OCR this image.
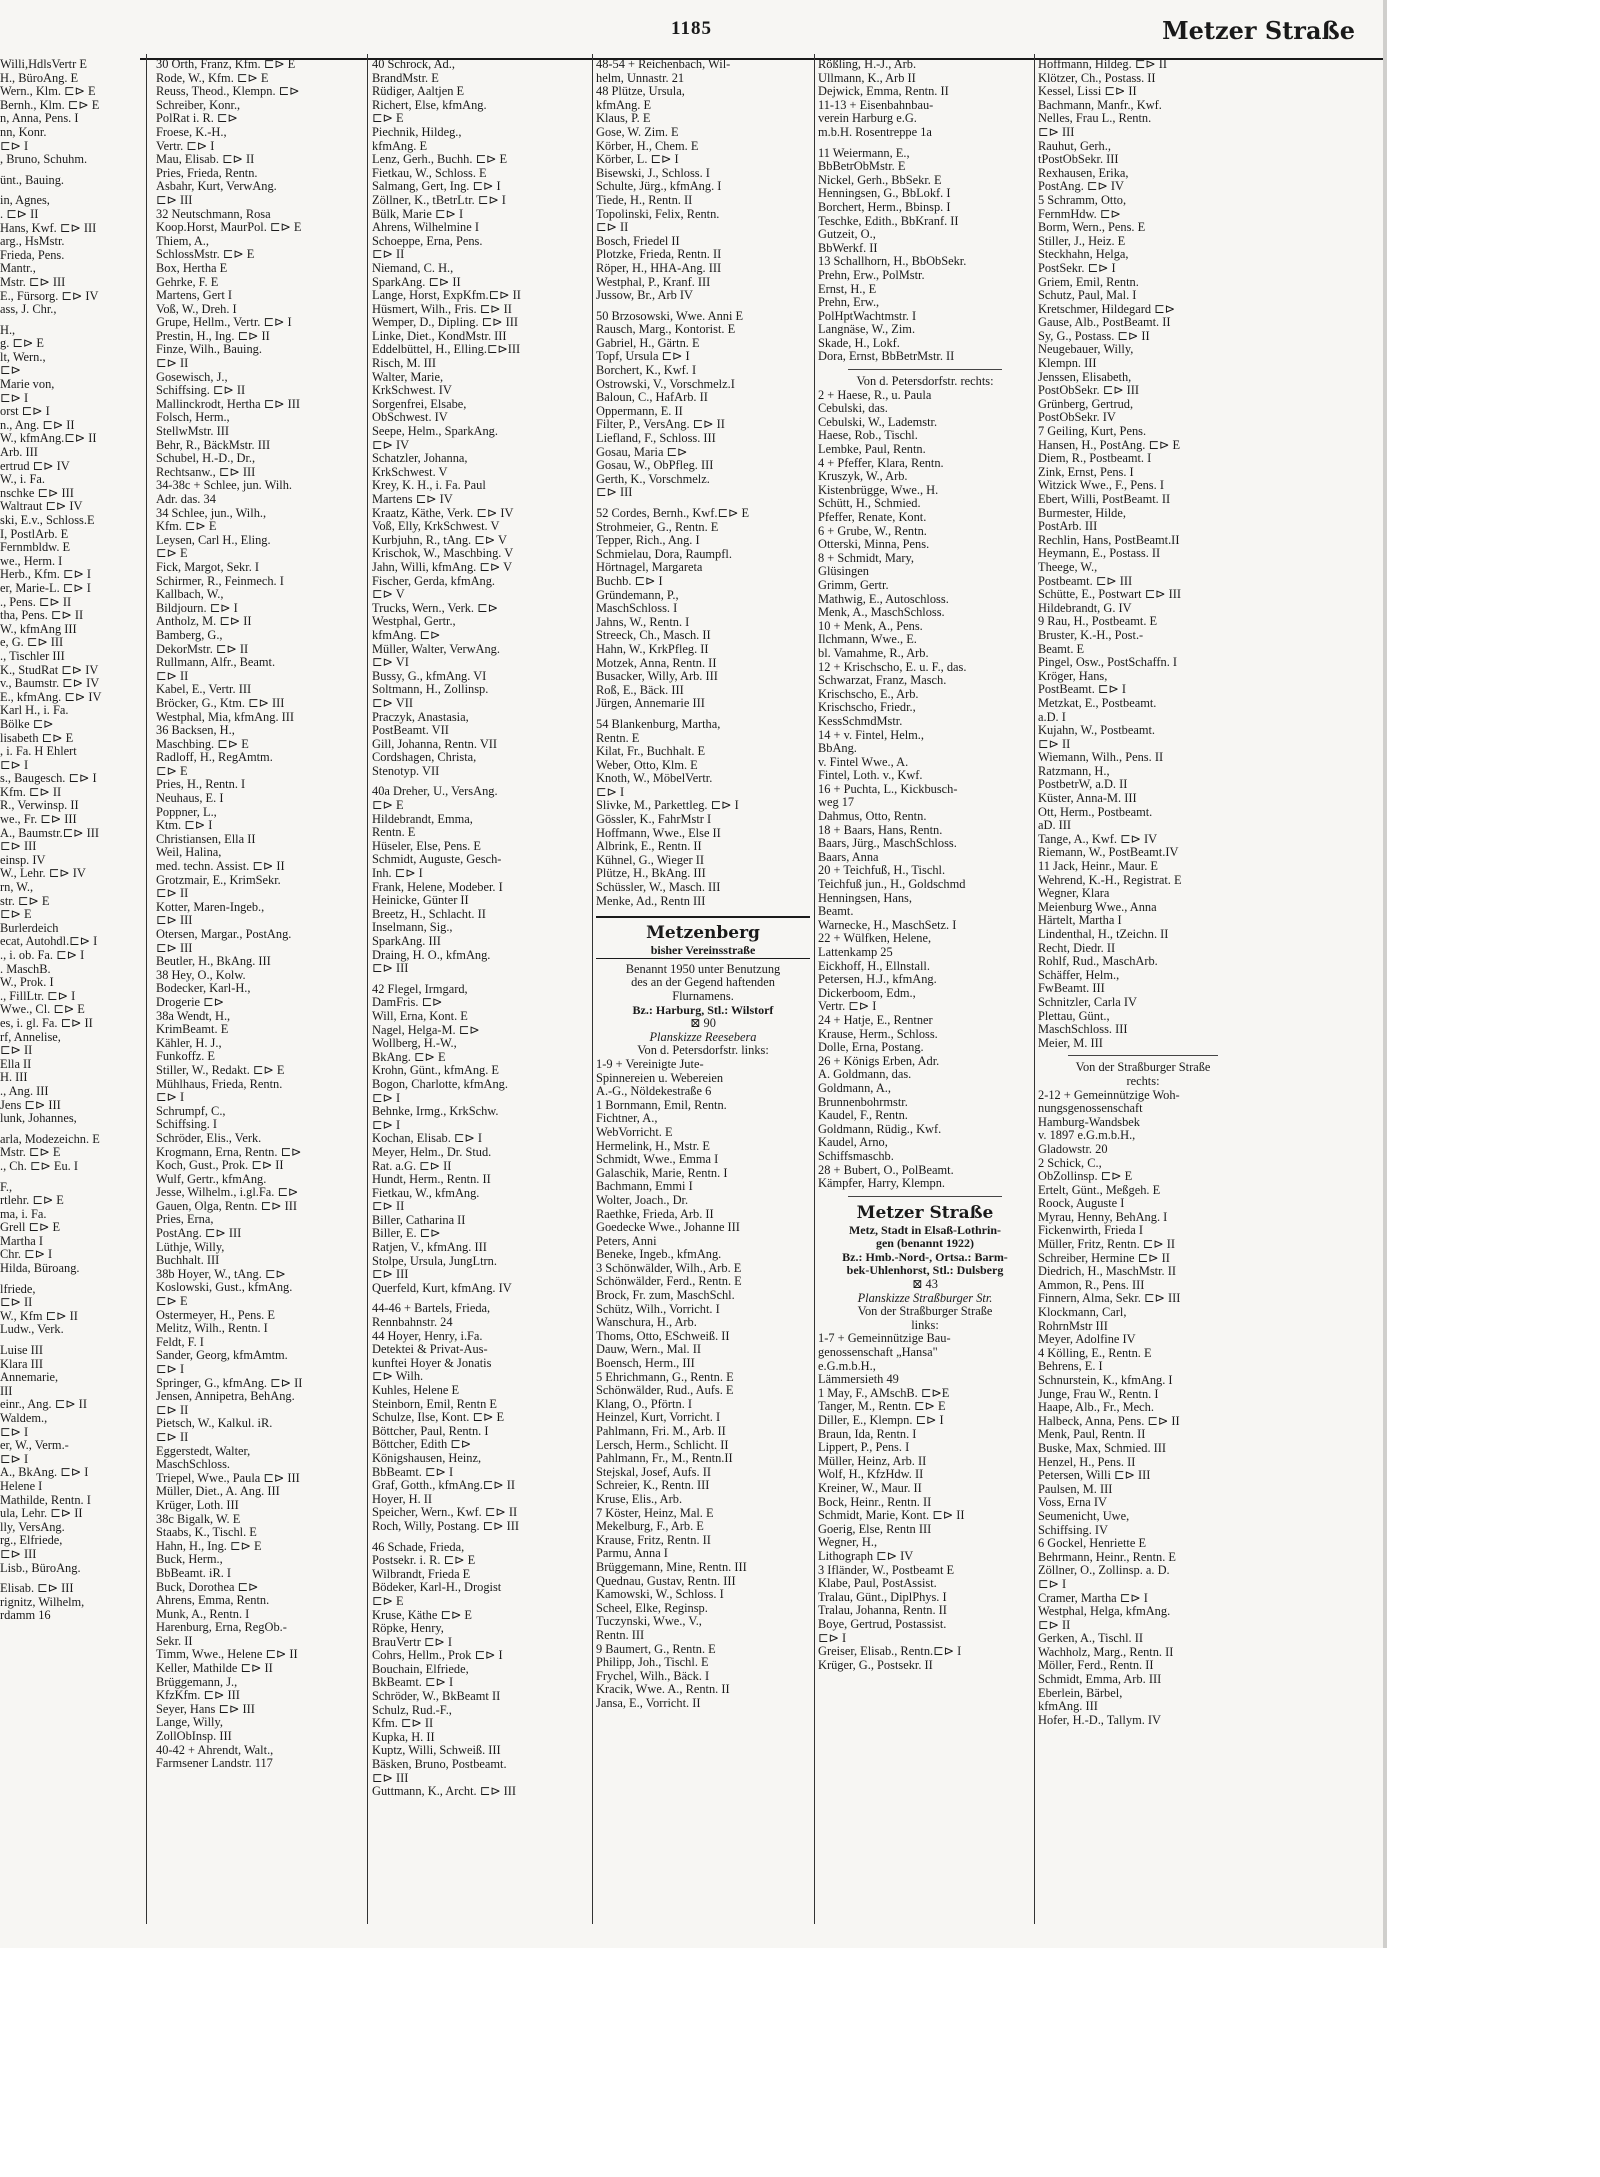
1185	Metzer Straße
Willi,HdlsVertr E
H., BüroAng. E
Wern., Klm. ⊏⊳ E
Bernh., Klm. ⊏⊳ E
n, Anna, Pens. I
nn, Konr.
⊏⊳ I
, Bruno, Schuhm.
ünt., Bauing.
in, Agnes,
. ⊏⊳ II
Hans, Kwf. ⊏⊳ III
arg., HsMstr.
Frieda, Pens.
Mantr.,
Mstr. ⊏⊳ III
E., Fürsorg. ⊏⊳ IV
ass, J. Chr.,
H.,
g. ⊏⊳ E
lt, Wern.,
⊏⊳
Marie von,
⊏⊳ I
orst ⊏⊳ I
n., Ang. ⊏⊳ II
W., kfmAng.⊏⊳ II
Arb. III
ertrud ⊏⊳ IV
W., i. Fa.
nschke ⊏⊳ III
Waltraut ⊏⊳ IV
ski, E.v., Schloss.E
I, PostlArb. E
Fernmbldw. E
we., Herm. I
Herb., Kfm. ⊏⊳ I
er, Marie-L. ⊏⊳ I
., Pens. ⊏⊳ II
tha, Pens. ⊏⊳ II
W., kfmAng III
e, G. ⊏⊳ III
., Tischler III
K., StudRat ⊏⊳ IV
v., Baumstr. ⊏⊳ IV
E., kfmAng. ⊏⊳ IV
Karl H., i. Fa.
Bölke ⊏⊳
lisabeth ⊏⊳ E
, i. Fa. H Ehlert
⊏⊳ I
s., Baugesch. ⊏⊳ I
Kfm. ⊏⊳ II
R., Verwinsp. II
we., Fr. ⊏⊳ III
A., Baumstr.⊏⊳ III
⊏⊳ III
einsp. IV
W., Lehr. ⊏⊳ IV
rn, W.,
str. ⊏⊳ E
⊏⊳ E
Burlerdeich
ecat, Autohdl.⊏⊳ I
., i. ob. Fa. ⊏⊳ I
. MaschB.
W., Prok. I
., FillLtr. ⊏⊳ I
Wwe., Cl. ⊏⊳ E
es, i. gl. Fa. ⊏⊳ II
rf, Annelise,
⊏⊳ II
Ella II
H. III
., Ang. III
Jens ⊏⊳ III
lunk, Johannes,
arla, Modezeichn. E
Mstr. ⊏⊳ E
., Ch. ⊏⊳ Eu. I
F.,
rtlehr. ⊏⊳ E
ma, i. Fa.
Grell ⊏⊳ E
Martha I
Chr. ⊏⊳ I
Hilda, Büroang.
lfriede,
⊏⊳ II
W., Kfm ⊏⊳ II
Ludw., Verk.
Luise III
Klara III
Annemarie,
III
einr., Ang. ⊏⊳ II
Waldem.,
⊏⊳ I
er, W., Verm.-
⊏⊳ I
A., BkAng. ⊏⊳ I
Helene I
Mathilde, Rentn. I
ula, Lehr. ⊏⊳ II
lly, VersAng.
rg., Elfriede,
⊏⊳ III
Lisb., BüroAng.
Elisab. ⊏⊳ III
rignitz, Wilhelm,
rdamm 16
30 Orth, Franz, Kfm. ⊏⊳ E
Rode, W., Kfm. ⊏⊳ E
Reuss, Theod., Klempn. ⊏⊳
Schreiber, Konr.,
PolRat i. R. ⊏⊳
Froese, K.-H.,
Vertr. ⊏⊳ I
Mau, Elisab. ⊏⊳ II
Pries, Frieda, Rentn.
Asbahr, Kurt, VerwAng.
⊏⊳ III
32 Neutschmann, Rosa
Koop.Horst, MaurPol. ⊏⊳ E
Thiem, A.,
SchlossMstr. ⊏⊳ E
Box, Hertha E
Gehrke, F. E
Martens, Gert I
Voß, W., Dreh. I
Grupe, Hellm., Vertr. ⊏⊳ I
Prestin, H., Ing. ⊏⊳ II
Finze, Wilh., Bauing.
⊏⊳ II
Gosewisch, J.,
Schiffsing. ⊏⊳ II
Mallinckrodt, Hertha ⊏⊳ III
Folsch, Herm.,
StellwMstr. III
Behr, R., BäckMstr. III
Schubel, H.-D., Dr.,
Rechtsanw., ⊏⊳ III
34-38c + Schlee, jun. Wilh.
Adr. das. 34
34 Schlee, jun., Wilh.,
Kfm. ⊏⊳ E
Leysen, Carl H., Eling.
⊏⊳ E
Fick, Margot, Sekr. I
Schirmer, R., Feinmech. I
Kallbach, W.,
Bildjourn. ⊏⊳ I
Antholz, M. ⊏⊳ II
Bamberg, G.,
DekorMstr. ⊏⊳ II
Rullmann, Alfr., Beamt.
⊏⊳ II
Kabel, E., Vertr. III
Bröcker, G., Ktm. ⊏⊳ III
Westphal, Mia, kfmAng. III
36 Backsen, H.,
Maschbing. ⊏⊳ E
Radloff, H., RegAmtm.
⊏⊳ E
Pries, H., Rentn. I
Neuhaus, E. I
Poppner, L.,
Ktm. ⊏⊳ I
Christiansen, Ella II
Weil, Halina,
med. techn. Assist. ⊏⊳ II
Grotzmair, E., KrimSekr.
⊏⊳ II
Kotter, Maren-Ingeb.,
⊏⊳ III
Otersen, Margar., PostAng.
⊏⊳ III
Beutler, H., BkAng. III
38 Hey, O., Kolw.
Bodecker, Karl-H.,
Drogerie ⊏⊳
38a Wendt, H.,
KrimBeamt. E
Kähler, H. J.,
Funkoffz. E
Stiller, W., Redakt. ⊏⊳ E
Mühlhaus, Frieda, Rentn.
⊏⊳ I
Schrumpf, C.,
Schiffsing. I
Schröder, Elis., Verk.
Krogmann, Erna, Rentn. ⊏⊳
Koch, Gust., Prok. ⊏⊳ II
Wulf, Gertr., kfmAng.
Jesse, Wilhelm., i.gl.Fa. ⊏⊳
Gauen, Olga, Rentn. ⊏⊳ III
Pries, Erna,
PostAng. ⊏⊳ III
Lüthje, Willy,
Buchhalt. III
38b Hoyer, W., tAng. ⊏⊳
Koslowski, Gust., kfmAng.
⊏⊳ E
Ostermeyer, H., Pens. E
Melitz, Wilh., Rentn. I
Feldt, F. I
Sander, Georg, kfmAmtm.
⊏⊳ I
Springer, G., kfmAng. ⊏⊳ II
Jensen, Annipetra, BehAng.
⊏⊳ II
Pietsch, W., Kalkul. iR.
⊏⊳ II
Eggerstedt, Walter,
MaschSchloss.
Triepel, Wwe., Paula ⊏⊳ III
Müller, Diet., A. Ang. III
Krüger, Loth. III
38c Bigalk, W. E
Staabs, K., Tischl. E
Hahn, H., Ing. ⊏⊳ E
Buck, Herm.,
BbBeamt. iR. I
Buck, Dorothea ⊏⊳
Ahrens, Emma, Rentn.
Munk, A., Rentn. I
Harenburg, Erna, RegOb.-
Sekr. II
Timm, Wwe., Helene ⊏⊳ II
Keller, Mathilde ⊏⊳ II
Brüggemann, J.,
KfzKfm. ⊏⊳ III
Seyer, Hans ⊏⊳ III
Lange, Willy,
ZollObInsp. III
40-42 + Ahrendt, Walt.,
Farmsener Landstr. 117
40 Schrock, Ad.,
BrandMstr. E
Rüdiger, Aaltjen E
Richert, Else, kfmAng.
⊏⊳ E
Piechnik, Hildeg.,
kfmAng. E
Lenz, Gerh., Buchh. ⊏⊳ E
Fietkau, W., Schloss. E
Salmang, Gert, Ing. ⊏⊳ I
Zöllner, K., tBetrLtr. ⊏⊳ I
Bülk, Marie ⊏⊳ I
Ahrens, Wilhelmine I
Schoeppe, Erna, Pens.
⊏⊳ II
Niemand, C. H.,
SparkAng. ⊏⊳ II
Lange, Horst, ExpKfm.⊏⊳ II
Hüsmert, Wilh., Fris. ⊏⊳ II
Wemper, D., Dipling. ⊏⊳ III
Linke, Diet., KondMstr. III
Eddelbüttel, H., Elling.⊏⊳III
Risch, M. III
Walter, Marie,
KrkSchwest. IV
Sorgenfrei, Elsabe,
ObSchwest. IV
Seepe, Helm., SparkAng.
⊏⊳ IV
Schatzler, Johanna,
KrkSchwest. V
Krey, K. H., i. Fa. Paul
Martens ⊏⊳ IV
Kraatz, Käthe, Verk. ⊏⊳ IV
Voß, Elly, KrkSchwest. V
Kurbjuhn, R., tAng. ⊏⊳ V
Krischok, W., Maschbing. V
Jahn, Willi, kfmAng. ⊏⊳ V
Fischer, Gerda, kfmAng.
⊏⊳ V
Trucks, Wern., Verk. ⊏⊳
Westphal, Gertr.,
kfmAng. ⊏⊳
Müller, Walter, VerwAng.
⊏⊳ VI
Bussy, G., kfmAng. VI
Soltmann, H., Zollinsp.
⊏⊳ VII
Praczyk, Anastasia,
PostBeamt. VII
Gill, Johanna, Rentn. VII
Cordshagen, Christa,
Stenotyp. VII
40a Dreher, U., VersAng.
⊏⊳ E
Hildebrandt, Emma,
Rentn. E
Hüseler, Else, Pens. E
Schmidt, Auguste, Gesch-
Inh. ⊏⊳ I
Frank, Helene, Modeber. I
Heinicke, Günter II
Breetz, H., Schlacht. II
Inselmann, Sig.,
SparkAng. III
Draing, H. O., kfmAng.
⊏⊳ III
42 Flegel, Irmgard,
DamFris. ⊏⊳
Will, Erna, Kont. E
Nagel, Helga-M. ⊏⊳
Wollberg, H.-W.,
BkAng. ⊏⊳ E
Krohn, Günt., kfmAng. E
Bogon, Charlotte, kfmAng.
⊏⊳ I
Behnke, Irmg., KrkSchw.
⊏⊳ I
Kochan, Elisab. ⊏⊳ I
Meyer, Helm., Dr. Stud.
Rat. a.G. ⊏⊳ II
Hundt, Herm., Rentn. II
Fietkau, W., kfmAng.
⊏⊳ II
Biller, Catharina II
Biller, E. ⊏⊳
Ratjen, V., kfmAng. III
Stolpe, Ursula, JungLtrn.
⊏⊳ III
Querfeld, Kurt, kfmAng. IV
44-46 + Bartels, Frieda,
Rennbahnstr. 24
44 Hoyer, Henry, i.Fa.
Detektei & Privat-Aus-
kunftei Hoyer & Jonatis
⊏⊳ Wilh.
Kuhles, Helene E
Steinborn, Emil, Rentn E
Schulze, Ilse, Kont. ⊏⊳ E
Böttcher, Paul, Rentn. I
Böttcher, Edith ⊏⊳
Königshausen, Heinz,
BbBeamt. ⊏⊳ I
Graf, Gotth., kfmAng.⊏⊳ II
Hoyer, H. II
Speicher, Wern., Kwf. ⊏⊳ II
Roch, Willy, Postang. ⊏⊳ III
46 Schade, Frieda,
Postsekr. i. R. ⊏⊳ E
Wilbrandt, Frieda E
Bödeker, Karl-H., Drogist
⊏⊳ E
Kruse, Käthe ⊏⊳ E
Röpke, Henry,
BrauVertr ⊏⊳ I
Cohrs, Hellm., Prok ⊏⊳ I
Bouchain, Elfriede,
BkBeamt. ⊏⊳ I
Schröder, W., BkBeamt II
Schulz, Rud.-F.,
Kfm. ⊏⊳ II
Kupka, H. II
Kuptz, Willi, Schweiß. III
Bäsken, Bruno, Postbeamt.
⊏⊳ III
Guttmann, K., Archt. ⊏⊳ III
48-54 + Reichenbach, Wil-
helm, Unnastr. 21
48 Plütze, Ursula,
kfmAng. E
Klaus, P. E
Gose, W. Zim. E
Körber, H., Chem. E
Körber, L. ⊏⊳ I
Bisewski, J., Schloss. I
Schulte, Jürg., kfmAng. I
Tiede, H., Rentn. II
Topolinski, Felix, Rentn.
⊏⊳ II
Bosch, Friedel II
Plotzke, Frieda, Rentn. II
Röper, H., HHA-Ang. III
Westphal, P., Kranf. III
Jussow, Br., Arb IV
50 Brzosowski, Wwe. Anni E
Rausch, Marg., Kontorist. E
Gabriel, H., Gärtn. E
Topf, Ursula ⊏⊳ I
Borchert, K., Kwf. I
Ostrowski, V., Vorschmelz.I
Baloun, C., HafArb. II
Oppermann, E. II
Filter, P., VersAng. ⊏⊳ II
Liefland, F., Schloss. III
Gosau, Maria ⊏⊳
Gosau, W., ObPfleg. III
Gerth, K., Vorschmelz.
⊏⊳ III
52 Cordes, Bernh., Kwf.⊏⊳ E
Strohmeier, G., Rentn. E
Tepper, Rich., Ang. I
Schmielau, Dora, Raumpfl.
Hörtnagel, Margareta
Buchb. ⊏⊳ I
Gründemann, P.,
MaschSchloss. I
Jahns, W., Rentn. I
Streeck, Ch., Masch. II
Hahn, W., KrkPfleg. II
Motzek, Anna, Rentn. II
Busacker, Willy, Arb. III
Roß, E., Bäck. III
Jürgen, Annemarie III
54 Blankenburg, Martha,
Rentn. E
Kilat, Fr., Buchhalt. E
Weber, Otto, Klm. E
Knoth, W., MöbelVertr.
⊏⊳ I
Slivke, M., Parkettleg. ⊏⊳ I
Gössler, K., FahrMstr I
Hoffmann, Wwe., Else II
Albrink, E., Rentn. II
Kühnel, G., Wieger II
Plütze, H., BkAng. III
Schüssler, W., Masch. III
Menke, Ad., Rentn III
Metzenberg
bisher Vereinsstraße
Benannt 1950 unter Benutzung
des an der Gegend haftenden
Flurnamens.
Bz.: Harburg, Stl.: Wilstorf
⊠ 90
Planskizze Reesebera
Von d. Petersdorfstr. links:
1-9 + Vereinigte Jute-
Spinnereien u. Webereien
A.-G., Nöldekestraße 6
1 Bornmann, Emil, Rentn.
Fichtner, A.,
WebVorricht. E
Hermelink, H., Mstr. E
Schmidt, Wwe., Emma I
Galaschik, Marie, Rentn. I
Bachmann, Emmi I
Wolter, Joach., Dr.
Raethke, Frieda, Arb. II
Goedecke Wwe., Johanne III
Peters, Anni
Beneke, Ingeb., kfmAng.
3 Schönwälder, Wilh., Arb. E
Schönwälder, Ferd., Rentn. E
Brock, Fr. zum, MaschSchl.
Schütz, Wilh., Vorricht. I
Wanschura, H., Arb.
Thoms, Otto, ESchweiß. II
Dauw, Wern., Mal. II
Boensch, Herm., III
5 Ehrichmann, G., Rentn. E
Schönwälder, Rud., Aufs. E
Klang, O., Pförtn. I
Heinzel, Kurt, Vorricht. I
Pahlmann, Fri. M., Arb. II
Lersch, Herm., Schlicht. II
Pahlmann, Fr., M., Rentn.II
Stejskal, Josef, Aufs. II
Schreier, K., Rentn. III
Kruse, Elis., Arb.
7 Köster, Heinz, Mal. E
Mekelburg, F., Arb. E
Krause, Fritz, Rentn. II
Parmu, Anna I
Brüggemann, Mine, Rentn. III
Quednau, Gustav, Rentn. III
Kamowski, W., Schloss. I
Scheel, Elke, Reginsp.
Tuczynski, Wwe., V.,
Rentn. III
9 Baumert, G., Rentn. E
Philipp, Joh., Tischl. E
Frychel, Wilh., Bäck. I
Kracik, Wwe. A., Rentn. II
Jansa, E., Vorricht. II
Rößling, H.-J., Arb.
Ullmann, K., Arb II
Dejwick, Emma, Rentn. II
11-13 + Eisenbahnbau-
verein Harburg e.G.
m.b.H. Rosentreppe 1a
11 Weiermann, E.,
BbBetrObMstr. E
Nickel, Gerh., BbSekr. E
Henningsen, G., BbLokf. I
Borchert, Herm., Bbinsp. I
Teschke, Edith., BbKranf. II
Gutzeit, O.,
BbWerkf. II
13 Schallhorn, H., BbObSekr.
Prehn, Erw., PolMstr.
Ernst, H., E
Prehn, Erw.,
PolHptWachtmstr. I
Langnäse, W., Zim.
Skade, H., Lokf.
Dora, Ernst, BbBetrMstr. II
Von d. Petersdorfstr. rechts:
2 + Haese, R., u. Paula
Cebulski, das.
Cebulski, W., Lademstr.
Haese, Rob., Tischl.
Lembke, Paul, Rentn.
4 + Pfeffer, Klara, Rentn.
Kruszyk, W., Arb.
Kistenbrügge, Wwe., H.
Schütt, H., Schmied.
Pfeffer, Renate, Kont.
6 + Grube, W., Rentn.
Otterski, Minna, Pens.
8 + Schmidt, Mary,
Glüsingen
Grimm, Gertr.
Mathwig, E., Autoschloss.
Menk, A., MaschSchloss.
10 + Menk, A., Pens.
Ilchmann, Wwe., E.
bl. Vamahme, R., Arb.
12 + Krischscho, E. u. F., das.
Schwarzat, Franz, Masch.
Krischscho, E., Arb.
Krischscho, Friedr.,
KessSchmdMstr.
14 + v. Fintel, Helm.,
BbAng.
v. Fintel Wwe., A.
Fintel, Loth. v., Kwf.
16 + Puchta, L., Kickbusch-
weg 17
Dahmus, Otto, Rentn.
18 + Baars, Hans, Rentn.
Baars, Jürg., MaschSchloss.
Baars, Anna
20 + Teichfuß, H., Tischl.
Teichfuß jun., H., Goldschmd
Henningsen, Hans,
Beamt.
Warnecke, H., MaschSetz. I
22 + Wülfken, Helene,
Lattenkamp 25
Eickhoff, H., Ellnstall.
Petersen, H.J., kfmAng.
Dickerboom, Edm.,
Vertr. ⊏⊳ I
24 + Hatje, E., Rentner
Krause, Herm., Schloss.
Dolle, Erna, Postang.
26 + Königs Erben, Adr.
A. Goldmann, das.
Goldmann, A.,
Brunnenbohrmstr.
Kaudel, F., Rentn.
Goldmann, Rüdig., Kwf.
Kaudel, Arno,
Schiffsmaschb.
28 + Bubert, O., PolBeamt.
Kämpfer, Harry, Klempn.
Metzer Straße
Metz, Stadt in Elsaß-Lothrin-
gen (benannt 1922)
Bz.: Hmb.-Nord-, Ortsa.: Barm-
bek-Uhlenhorst, Stl.: Dulsberg
⊠ 43
Planskizze Straßburger Str.
Von der Straßburger Straße
links:
1-7 + Gemeinnützige Bau-
genossenschaft „Hansa"
e.G.m.b.H.,
Lämmersieth 49
1 May, F., AMschB. ⊏⊳E
Tanger, M., Rentn. ⊏⊳ E
Diller, E., Klempn. ⊏⊳ I
Braun, Ida, Rentn. I
Lippert, P., Pens. I
Müller, Heinz, Arb. II
Wolf, H., KfzHdw. II
Kreiner, W., Maur. II
Bock, Heinr., Rentn. II
Schmidt, Marie, Kont. ⊏⊳ II
Goerig, Else, Rentn III
Wegner, H.,
Lithograph ⊏⊳ IV
3 Ifländer, W., Postbeamt E
Klabe, Paul, PostAssist.
Tralau, Günt., DiplPhys. I
Tralau, Johanna, Rentn. II
Boye, Gertrud, Postassist.
⊏⊳ I
Greiser, Elisab., Rentn.⊏⊳ I
Krüger, G., Postsekr. II
Hoffmann, Hildeg. ⊏⊳ II
Klötzer, Ch., Postass. II
Kessel, Lissi ⊏⊳ II
Bachmann, Manfr., Kwf.
Nelles, Frau L., Rentn.
⊏⊳ III
Rauhut, Gerh.,
tPostObSekr. III
Rexhausen, Erika,
PostAng. ⊏⊳ IV
5 Schramm, Otto,
FernmHdw. ⊏⊳
Borm, Wern., Pens. E
Stiller, J., Heiz. E
Steckhahn, Helga,
PostSekr. ⊏⊳ I
Griem, Emil, Rentn.
Schutz, Paul, Mal. I
Kretschmer, Hildegard ⊏⊳
Gause, Alb., PostBeamt. II
Sy, G., Postass. ⊏⊳ II
Neugebauer, Willy,
Klempn. III
Jenssen, Elisabeth,
PostObSekr. ⊏⊳ III
Grünberg, Gertrud,
PostObSekr. IV
7 Geiling, Kurt, Pens.
Hansen, H., PostAng. ⊏⊳ E
Diem, R., Postbeamt. I
Zink, Ernst, Pens. I
Witzick Wwe., F., Pens. I
Ebert, Willi, PostBeamt. II
Burmester, Hilde,
PostArb. III
Rechlin, Hans, PostBeamt.II
Heymann, E., Postass. II
Theege, W.,
Postbeamt. ⊏⊳ III
Schütte, E., Postwart ⊏⊳ III
Hildebrandt, G. IV
9 Rau, H., Postbeamt. E
Bruster, K.-H., Post.-
Beamt. E
Pingel, Osw., PostSchaffn. I
Kröger, Hans,
PostBeamt. ⊏⊳ I
Metzkat, E., Postbeamt.
a.D. I
Kujahn, W., Postbeamt.
⊏⊳ II
Wiemann, Wilh., Pens. II
Ratzmann, H.,
PostbetrW, a.D. II
Küster, Anna-M. III
Ott, Herm., Postbeamt.
aD. III
Tange, A., Kwf. ⊏⊳ IV
Riemann, W., PostBeamt.IV
11 Jack, Heinr., Maur. E
Wehrend, K.-H., Registrat. E
Wegner, Klara
Meienburg Wwe., Anna
Härtelt, Martha I
Lindenthal, H., tZeichn. II
Recht, Diedr. II
Rohlf, Rud., MaschArb.
Schäffer, Helm.,
FwBeamt. III
Schnitzler, Carla IV
Plettau, Günt.,
MaschSchloss. III
Meier, M. III
Von der Straßburger Straße
rechts:
2-12 + Gemeinnützige Woh-
nungsgenossenschaft
Hamburg-Wandsbek
v. 1897 e.G.m.b.H.,
Gladowstr. 20
2 Schick, C.,
ObZollinsp. ⊏⊳ E
Ertelt, Günt., Meßgeh. E
Roock, Auguste I
Myrau, Henny, BehAng. I
Fickenwirth, Frieda I
Müller, Fritz, Rentn. ⊏⊳ II
Schreiber, Hermine ⊏⊳ II
Diedrich, H., MaschMstr. II
Ammon, R., Pens. III
Finnern, Alma, Sekr. ⊏⊳ III
Klockmann, Carl,
RohrnMstr III
Meyer, Adolfine IV
4 Kölling, E., Rentn. E
Behrens, E. I
Schnurstein, K., kfmAng. I
Junge, Frau W., Rentn. I
Haape, Alb., Fr., Mech.
Halbeck, Anna, Pens. ⊏⊳ II
Menk, Paul, Rentn. II
Buske, Max, Schmied. III
Henzel, H., Pens. II
Petersen, Willi ⊏⊳ III
Paulsen, M. III
Voss, Erna IV
Seumenicht, Uwe,
Schiffsing. IV
6 Gockel, Henriette E
Behrmann, Heinr., Rentn. E
Zöllner, O., Zollinsp. a. D.
⊏⊳ I
Cramer, Martha ⊏⊳ I
Westphal, Helga, kfmAng.
⊏⊳ II
Gerken, A., Tischl. II
Wachholz, Marg., Rentn. II
Möller, Ferd., Rentn. II
Schmidt, Emma, Arb. III
Eberlein, Bärbel,
kfmAng. III
Hofer, H.-D., Tallym. IV
